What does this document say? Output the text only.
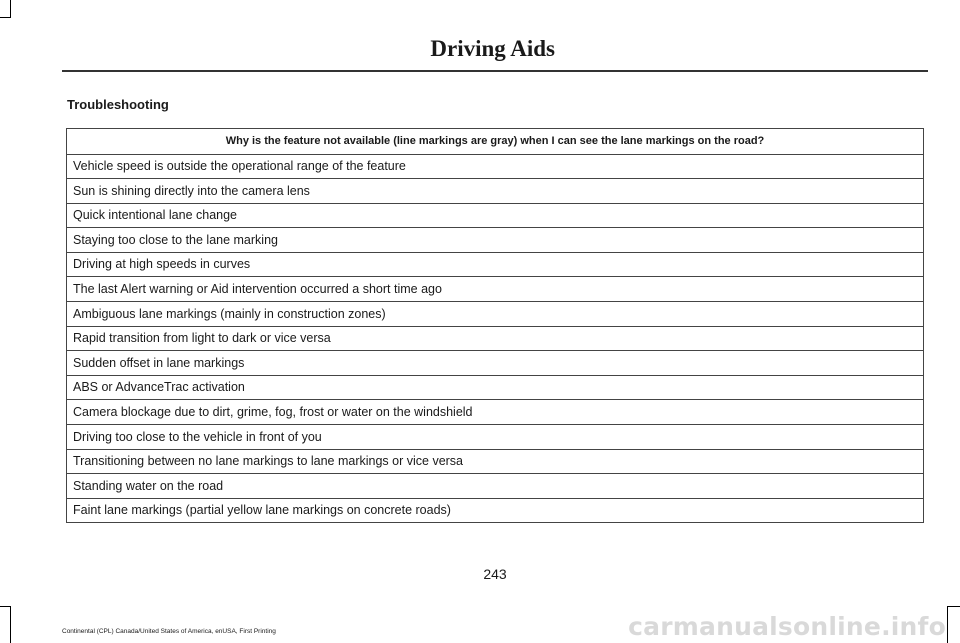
Driving Aids
Troubleshooting
Why is the feature not available (line markings are gray) when I can see the lane markings on the road?
Vehicle speed is outside the operational range of the feature
Sun is shining directly into the camera lens
Quick intentional lane change
Staying too close to the lane marking
Driving at high speeds in curves
The last Alert warning or Aid intervention occurred a short time ago
Ambiguous lane markings (mainly in construction zones)
Rapid transition from light to dark or vice versa
Sudden offset in lane markings
ABS or AdvanceTrac activation
Camera blockage due to dirt, grime, fog, frost or water on the windshield
Driving too close to the vehicle in front of you
Transitioning between no lane markings to lane markings or vice versa
Standing water on the road
Faint lane markings (partial yellow lane markings on concrete roads)
243
Continental (CPL) Canada/United States of America, enUSA, First Printing	carmanualsonline.info
